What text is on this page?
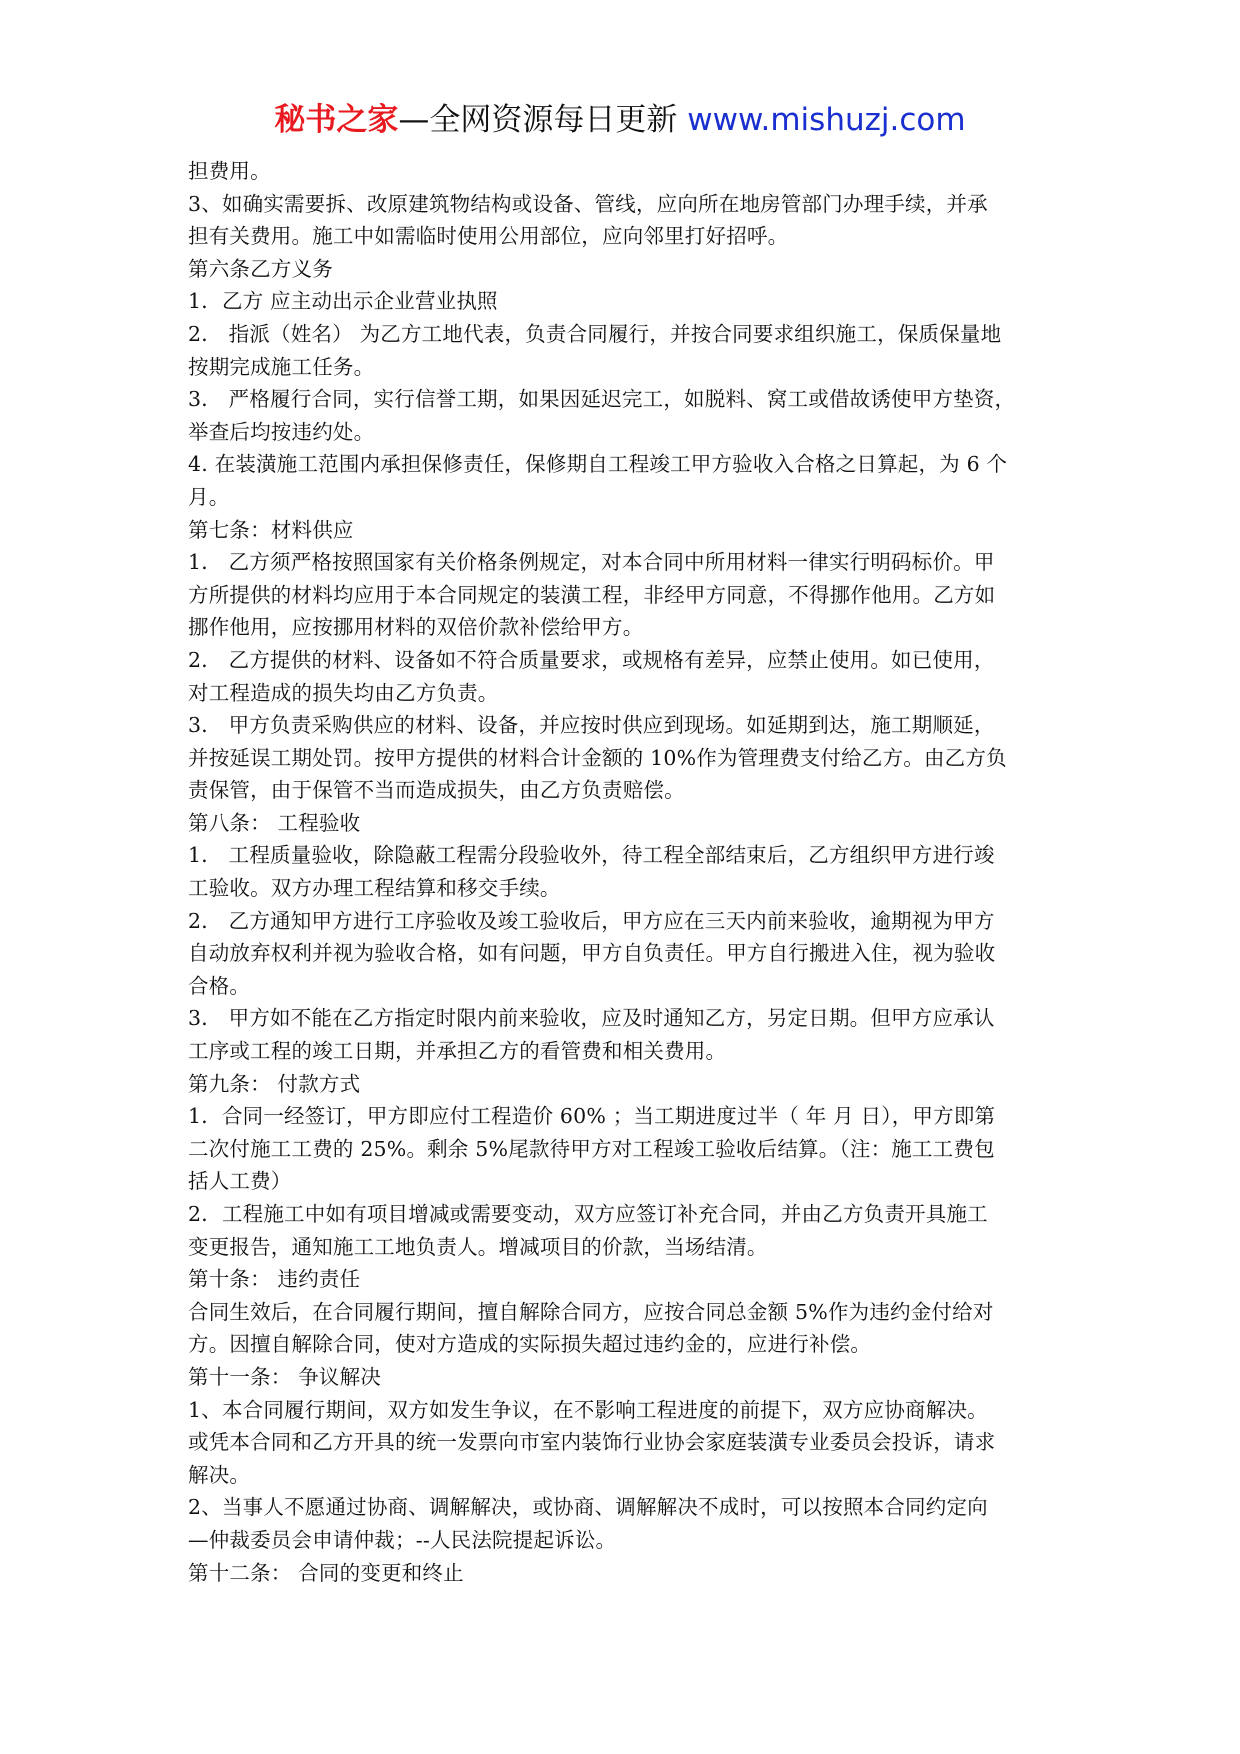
秘书之家—全网资源每日更新 www.mishuzj.com
担费用。
3、如确实需要拆、改原建筑物结构或设备、管线，应向所在地房管部门办理手续，并承
担有关费用。施工中如需临时使用公用部位，应向邻里打好招呼。
第六条乙方义务
1．乙方 应主动出示企业营业执照
2． 指派（姓名） 为乙方工地代表，负责合同履行，并按合同要求组织施工，保质保量地
按期完成施工任务。
3． 严格履行合同，实行信誉工期，如果因延迟完工，如脱料、窝工或借故诱使甲方垫资，
举查后均按违约处。
4. 在装潢施工范围内承担保修责任，保修期自工程竣工甲方验收入合格之日算起，为 6 个
月。
第七条：材料供应
1． 乙方须严格按照国家有关价格条例规定，对本合同中所用材料一律实行明码标价。甲
方所提供的材料均应用于本合同规定的装潢工程，非经甲方同意，不得挪作他用。乙方如
挪作他用，应按挪用材料的双倍价款补偿给甲方。
2． 乙方提供的材料、设备如不符合质量要求，或规格有差异，应禁止使用。如已使用，
对工程造成的损失均由乙方负责。
3． 甲方负责采购供应的材料、设备，并应按时供应到现场。如延期到达，施工期顺延，
并按延误工期处罚。按甲方提供的材料合计金额的 10%作为管理费支付给乙方。由乙方负
责保管，由于保管不当而造成损失，由乙方负责赔偿。
第八条： 工程验收
1． 工程质量验收，除隐蔽工程需分段验收外，待工程全部结束后，乙方组织甲方进行竣
工验收。双方办理工程结算和移交手续。
2． 乙方通知甲方进行工序验收及竣工验收后，甲方应在三天内前来验收，逾期视为甲方
自动放弃权利并视为验收合格，如有问题，甲方自负责任。甲方自行搬进入住，视为验收
合格。
3． 甲方如不能在乙方指定时限内前来验收，应及时通知乙方，另定日期。但甲方应承认
工序或工程的竣工日期，并承担乙方的看管费和相关费用。
第九条： 付款方式
1．合同一经签订，甲方即应付工程造价 60% ；当工期进度过半（ 年 月 日），甲方即第
二次付施工工费的 25%。剩余 5%尾款待甲方对工程竣工验收后结算。（注：施工工费包
括人工费）
2．工程施工中如有项目增减或需要变动，双方应签订补充合同，并由乙方负责开具施工
变更报告，通知施工工地负责人。增减项目的价款，当场结清。
第十条： 违约责任
合同生效后，在合同履行期间，擅自解除合同方，应按合同总金额 5%作为违约金付给对
方。因擅自解除合同，使对方造成的实际损失超过违约金的，应进行补偿。
第十一条： 争议解决
1、本合同履行期间，双方如发生争议，在不影响工程进度的前提下，双方应协商解决。
或凭本合同和乙方开具的统一发票向市室内装饰行业协会家庭装潢专业委员会投诉，请求
解决。
2、当事人不愿通过协商、调解解决，或协商、调解解决不成时，可以按照本合同约定向
—仲裁委员会申请仲裁；--人民法院提起诉讼。
第十二条： 合同的变更和终止
